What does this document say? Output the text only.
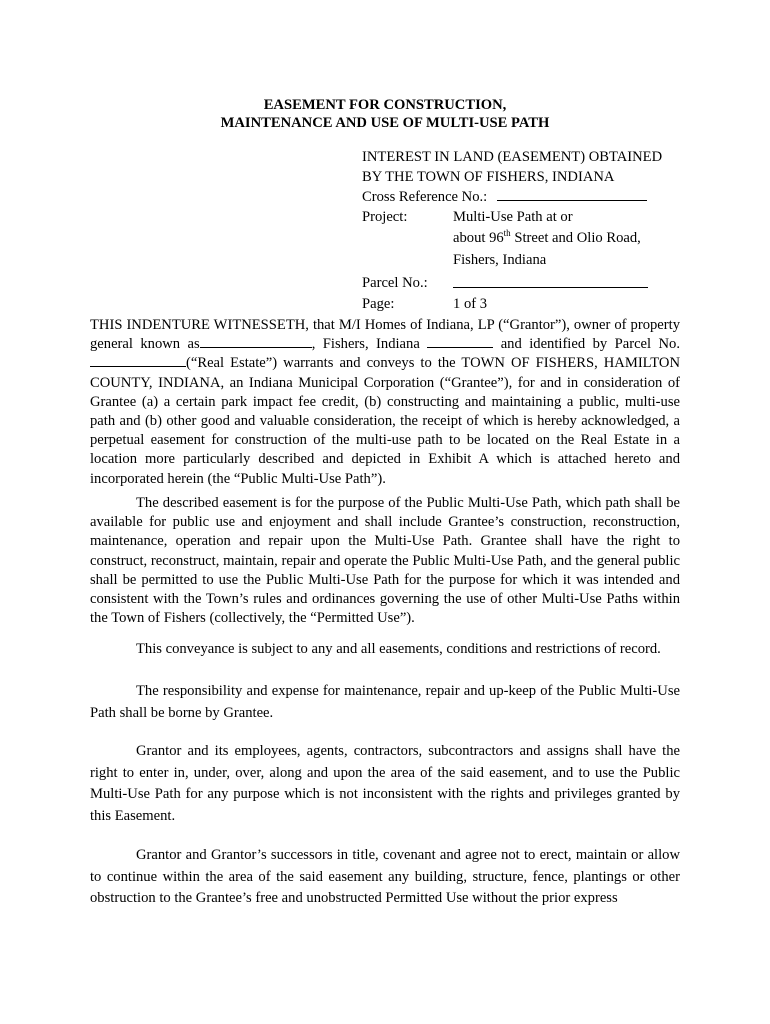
EASEMENT FOR CONSTRUCTION,
MAINTENANCE AND USE OF MULTI-USE PATH
INTEREST IN LAND (EASEMENT) OBTAINED
BY THE TOWN OF FISHERS, INDIANA
Cross Reference No.:
Project:	Multi-Use Path at or
about 96th Street and Olio Road,
Fishers, Indiana
Parcel No.:
Page:	1 of 3
THIS INDENTURE WITNESSETH, that M/I Homes of Indiana, LP (“Grantor”), owner of property general known as	, Fishers, Indiana	and identified by Parcel No. (“Real Estate”) warrants and conveys to the TOWN OF FISHERS, HAMILTON COUNTY, INDIANA, an Indiana Municipal Corporation (“Grantee”), for and in consideration of Grantee (a) a certain park impact fee credit, (b) constructing and maintaining a public, multi-use path and (b) other good and valuable consideration, the receipt of which is hereby acknowledged, a perpetual easement for construction of the multi-use path to be located on the Real Estate in a location more particularly described and depicted in Exhibit A which is attached hereto and incorporated herein (the “Public Multi-Use Path”).
The described easement is for the purpose of the Public Multi-Use Path, which path shall be available for public use and enjoyment and shall include Grantee’s construction, reconstruction, maintenance, operation and repair upon the Multi-Use Path. Grantee shall have the right to construct, reconstruct, maintain, repair and operate the Public Multi-Use Path, and the general public shall be permitted to use the Public Multi-Use Path for the purpose for which it was intended and consistent with the Town’s rules and ordinances governing the use of other Multi-Use Paths within the Town of Fishers (collectively, the “Permitted Use”).
This conveyance is subject to any and all easements, conditions and restrictions of record.
The responsibility and expense for maintenance, repair and up-keep of the Public Multi-Use Path shall be borne by Grantee.
Grantor and its employees, agents, contractors, subcontractors and assigns shall have the right to enter in, under, over, along and upon the area of the said easement, and to use the Public Multi-Use Path for any purpose which is not inconsistent with the rights and privileges granted by this Easement.
Grantor and Grantor’s successors in title, covenant and agree not to erect, maintain or allow to continue within the area of the said easement any building, structure, fence, plantings or other obstruction to the Grantee’s free and unobstructed Permitted Use without the prior express
